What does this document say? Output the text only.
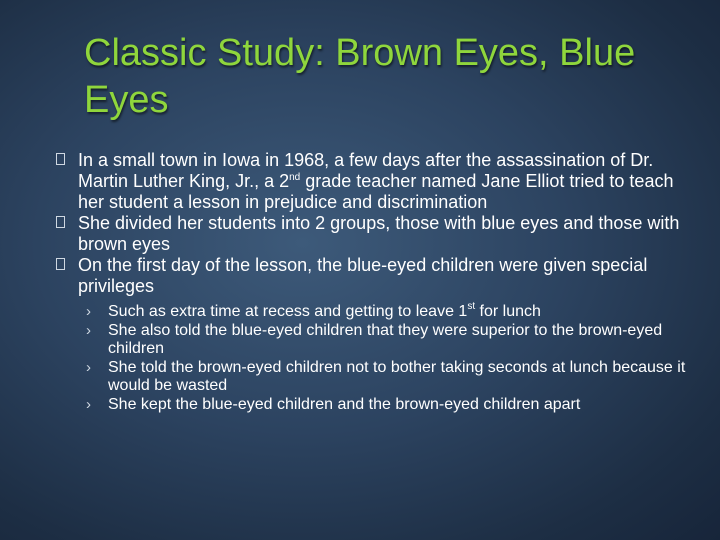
Classic Study: Brown Eyes, Blue Eyes
In a small town in Iowa in 1968, a few days after the assassination of Dr. Martin Luther King, Jr., a 2nd grade teacher named Jane Elliot tried to teach her student a lesson in prejudice and discrimination
She divided her students into 2 groups, those with blue eyes and those with brown eyes
On the first day of the lesson, the blue-eyed children were given special privileges
› Such as extra time at recess and getting to leave 1st for lunch
› She also told the blue-eyed children that they were superior to the brown-eyed children
› She told the brown-eyed children not to bother taking seconds at lunch because it would be wasted
› She kept the blue-eyed children and the brown-eyed children apart
